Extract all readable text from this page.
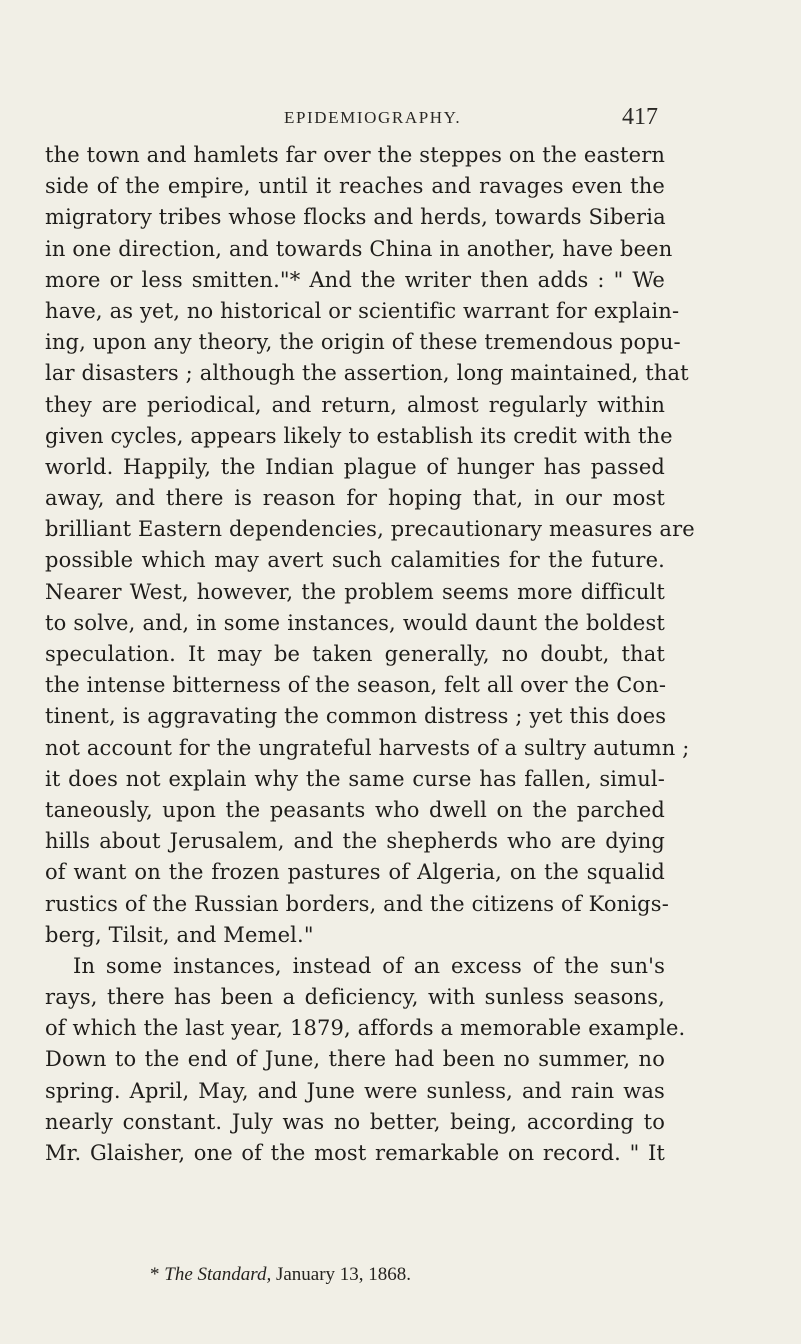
EPIDEMIOGRAPHY.	417
the town and hamlets far over the steppes on the eastern
side of the empire, until it reaches and ravages even the
migratory tribes whose flocks and herds, towards Siberia
in one direction, and towards China in another, have been
more or less smitten."* And the writer then adds : " We
have, as yet, no historical or scientific warrant for explain-
ing, upon any theory, the origin of these tremendous popu-
lar disasters ; although the assertion, long maintained, that
they are periodical, and return, almost regularly within
given cycles, appears likely to establish its credit with the
world. Happily, the Indian plague of hunger has passed
away, and there is reason for hoping that, in our most
brilliant Eastern dependencies, precautionary measures are
possible which may avert such calamities for the future.
Nearer West, however, the problem seems more difficult
to solve, and, in some instances, would daunt the boldest
speculation. It may be taken generally, no doubt, that
the intense bitterness of the season, felt all over the Con-
tinent, is aggravating the common distress ; yet this does
not account for the ungrateful harvests of a sultry autumn ;
it does not explain why the same curse has fallen, simul-
taneously, upon the peasants who dwell on the parched
hills about Jerusalem, and the shepherds who are dying
of want on the frozen pastures of Algeria, on the squalid
rustics of the Russian borders, and the citizens of Konigs-
berg, Tilsit, and Memel."
In some instances, instead of an excess of the sun's
rays, there has been a deficiency, with sunless seasons,
of which the last year, 1879, affords a memorable example.
Down to the end of June, there had been no summer, no
spring. April, May, and June were sunless, and rain was
nearly constant. July was no better, being, according to
Mr. Glaisher, one of the most remarkable on record. " It
* The Standard, January 13, 1868.
